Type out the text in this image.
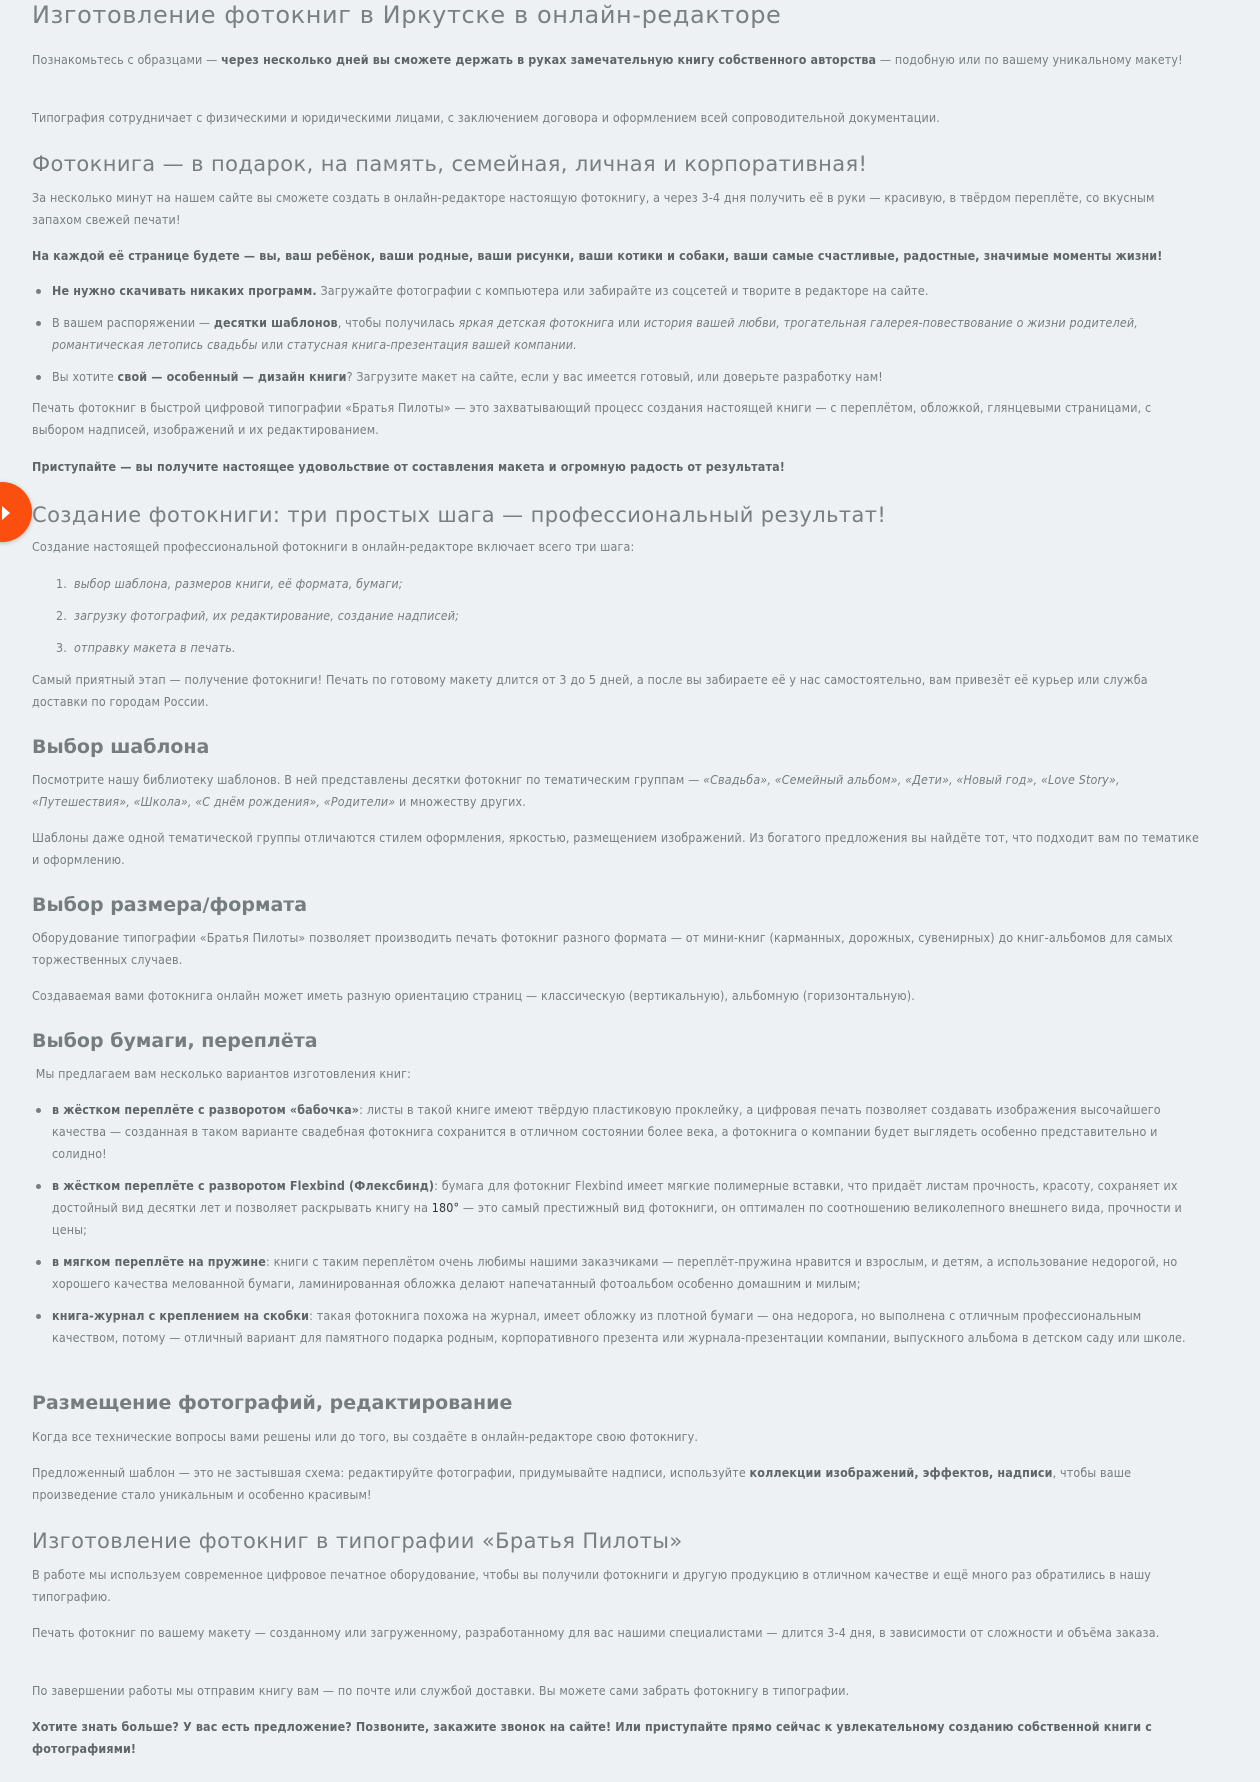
Изготовление фотокниг в Иркутске в онлайн-редакторе

Познакомьтесь с образцами — через несколько дней вы сможете держать в руках замечательную книгу собственного авторства — подобную или по вашему уникальному макету!

Типография сотрудничает с физическими и юридическими лицами, с заключением договора и оформлением всей сопроводительной документации.

Фотокнига — в подарок, на память, семейная, личная и корпоративная!

За несколько минут на нашем сайте вы сможете создать в онлайн-редакторе настоящую фотокнигу, а через 3-4 дня получить её в руки — красивую, в твёрдом переплёте, со вкусным запахом свежей печати!

На каждой её странице будете — вы, ваш ребёнок, ваши родные, ваши рисунки, ваши котики и собаки, ваши самые счастливые, радостные, значимые моменты жизни!

Не нужно скачивать никаких программ. Загружайте фотографии с компьютера или забирайте из соцсетей и творите в редакторе на сайте.
В вашем распоряжении — десятки шаблонов, чтобы получилась яркая детская фотокнига или история вашей любви, трогательная галерея-повествование о жизни родителей, романтическая летопись свадьбы или статусная книга-презентация вашей компании.
Вы хотите свой — особенный — дизайн книги? Загрузите макет на сайте, если у вас имеется готовый, или доверьте разработку нам!

Печать фотокниг в быстрой цифровой типографии «Братья Пилоты» — это захватывающий процесс создания настоящей книги — с переплётом, обложкой, глянцевыми страницами, с выбором надписей, изображений и их редактированием.

Приступайте — вы получите настоящее удовольствие от составления макета и огромную радость от результата!

Создание фотокниги: три простых шага — профессиональный результат!

Создание настоящей профессиональной фотокниги в онлайн-редакторе включает всего три шага:

1. выбор шаблона, размеров книги, её формата, бумаги;
2. загрузку фотографий, их редактирование, создание надписей;
3. отправку макета в печать.

Самый приятный этап — получение фотокниги! Печать по готовому макету длится от 3 до 5 дней, а после вы забираете её у нас самостоятельно, вам привезёт её курьер или служба доставки по городам России.

Выбор шаблона

Посмотрите нашу библиотеку шаблонов. В ней представлены десятки фотокниг по тематическим группам — «Свадьба», «Семейный альбом», «Дети», «Новый год», «Love Story», «Путешествия», «Школа», «С днём рождения», «Родители» и множеству других.

Шаблоны даже одной тематической группы отличаются стилем оформления, яркостью, размещением изображений. Из богатого предложения вы найдёте тот, что подходит вам по тематике и оформлению.

Выбор размера/формата

Оборудование типографии «Братья Пилоты» позволяет производить печать фотокниг разного формата — от мини-книг (карманных, дорожных, сувенирных) до книг-альбомов для самых торжественных случаев.

Создаваемая вами фотокнига онлайн может иметь разную ориентацию страниц — классическую (вертикальную), альбомную (горизонтальную).

Выбор бумаги, переплёта

Мы предлагаем вам несколько вариантов изготовления книг:

в жёстком переплёте с разворотом «бабочка»: листы в такой книге имеют твёрдую пластиковую проклейку, а цифровая печать позволяет создавать изображения высочайшего качества — созданная в таком варианте свадебная фотокнига сохранится в отличном состоянии более века, а фотокнига о компании будет выглядеть особенно представительно и солидно!
в жёстком переплёте с разворотом Flexbind (Флексбинд): бумага для фотокниг Flexbind имеет мягкие полимерные вставки, что придаёт листам прочность, красоту, сохраняет их достойный вид десятки лет и позволяет раскрывать книгу на 180° — это самый престижный вид фотокниги, он оптимален по соотношению великолепного внешнего вида, прочности и цены;
в мягком переплёте на пружине: книги с таким переплётом очень любимы нашими заказчиками — переплёт-пружина нравится и взрослым, и детям, а использование недорогой, но хорошего качества мелованной бумаги, ламинированная обложка делают напечатанный фотоальбом особенно домашним и милым;
книга-журнал с креплением на скобки: такая фотокнига похожа на журнал, имеет обложку из плотной бумаги — она недорога, но выполнена с отличным профессиональным качеством, потому — отличный вариант для памятного подарка родным, корпоративного презента или журнала-презентации компании, выпускного альбома в детском саду или школе.
Размещение фотографий, редактирование

Когда все технические вопросы вами решены или до того, вы создаёте в онлайн-редакторе свою фотокнигу.

Предложенный шаблон — это не застывшая схема: редактируйте фотографии, придумывайте надписи, используйте коллекции изображений, эффектов, надписи, чтобы ваше произведение стало уникальным и особенно красивым!

Изготовление фотокниг в типографии «Братья Пилоты»

В работе мы используем современное цифровое печатное оборудование, чтобы вы получили фотокниги и другую продукцию в отличном качестве и ещё много раз обратились в нашу типографию.

Печать фотокниг по вашему макету — созданному или загруженному, разработанному для вас нашими специалистами — длится 3-4 дня, в зависимости от сложности и объёма заказа.

По завершении работы мы отправим книгу вам — по почте или службой доставки. Вы можете сами забрать фотокнигу в типографии.

Хотите знать больше? У вас есть предложение? Позвоните, закажите звонок на сайте! Или приступайте прямо сейчас к увлекательному созданию собственной книги с фотографиями!
